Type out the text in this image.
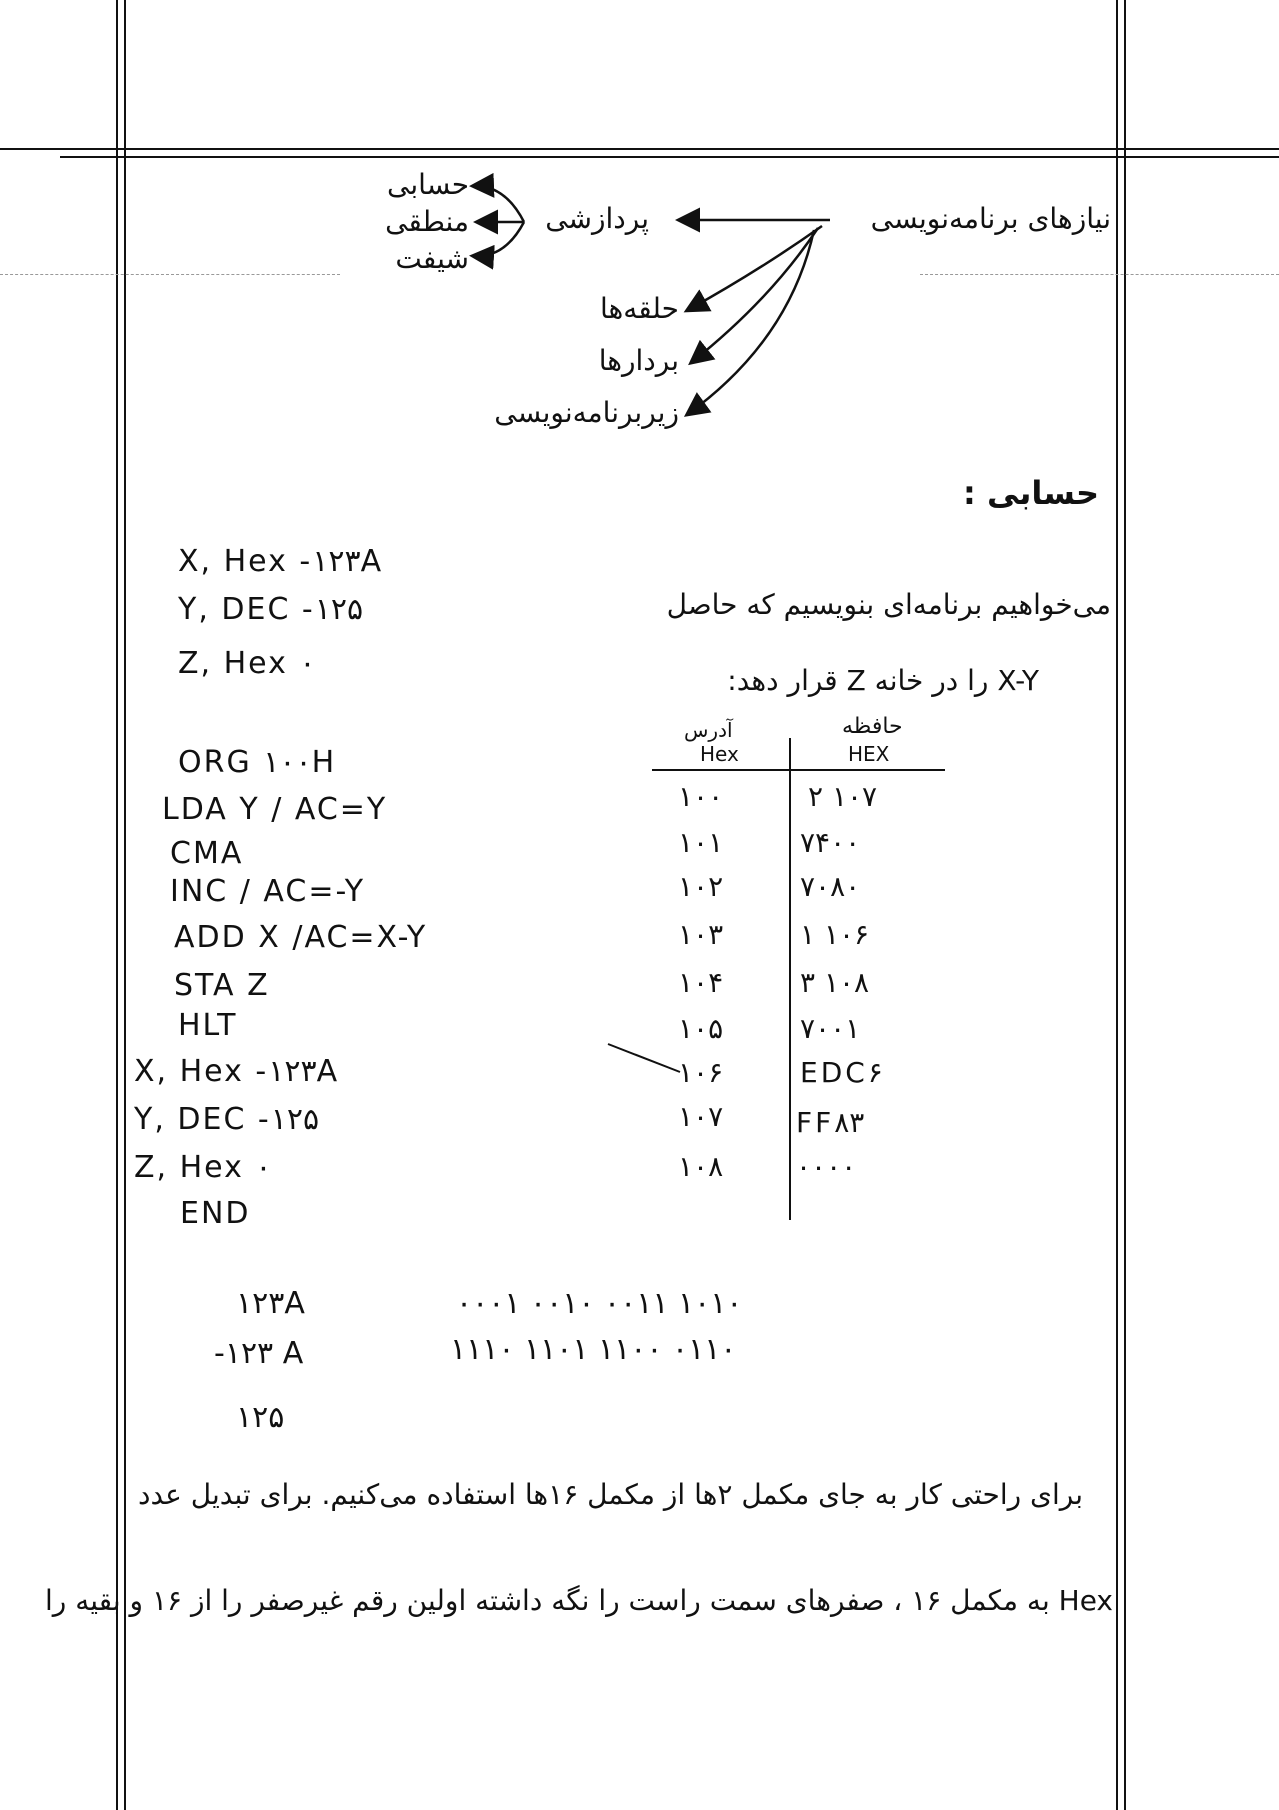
نیازهای برنامه‌نویسی
پردازشی
حسابی
منطقی
شیفت
حلقه‌ها
بردارها
زیربرنامه‌نویسی
حسابی :
می‌خواهیم برنامه‌ای بنویسیم که حاصل
X-Y را در خانه Z قرار دهد:
X, Hex -۱۲۳A
Y, DEC -۱۲۵
Z, Hex ۰
ORG ۱۰۰H
LDA Y / AC=Y
CMA
INC / AC=-Y
ADD X /AC=X-Y
STA Z
HLT
X, Hex -۱۲۳A
Y, DEC -۱۲۵
Z, Hex ۰
END
آدرس
Hex
حافظه
HEX
۱۰۰	۲ ۱۰۷
۱۰۱	۷۴۰۰
۱۰۲	۷۰۸۰
۱۰۳	۱ ۱۰۶
۱۰۴	۳ ۱۰۸
۱۰۵	۷۰۰۱
۱۰۶	EDC۶
۱۰۷	FF۸۳
۱۰۸	۰۰۰۰
۱۲۳A	۰۰۰۱ ۰۰۱۰ ۰۰۱۱ ۱۰۱۰
-۱۲۳ A	۱۱۱۰ ۱۱۰۱ ۱۱۰۰ ۰۱۱۰
۱۲۵
برای راحتی کار به جای مکمل ۲ها از مکمل ۱۶ها استفاده می‌کنیم. برای تبدیل عدد
Hex به مکمل ۱۶ ، صفرهای سمت راست را نگه داشته اولین رقم غیرصفر را از ۱۶ و بقیه را
